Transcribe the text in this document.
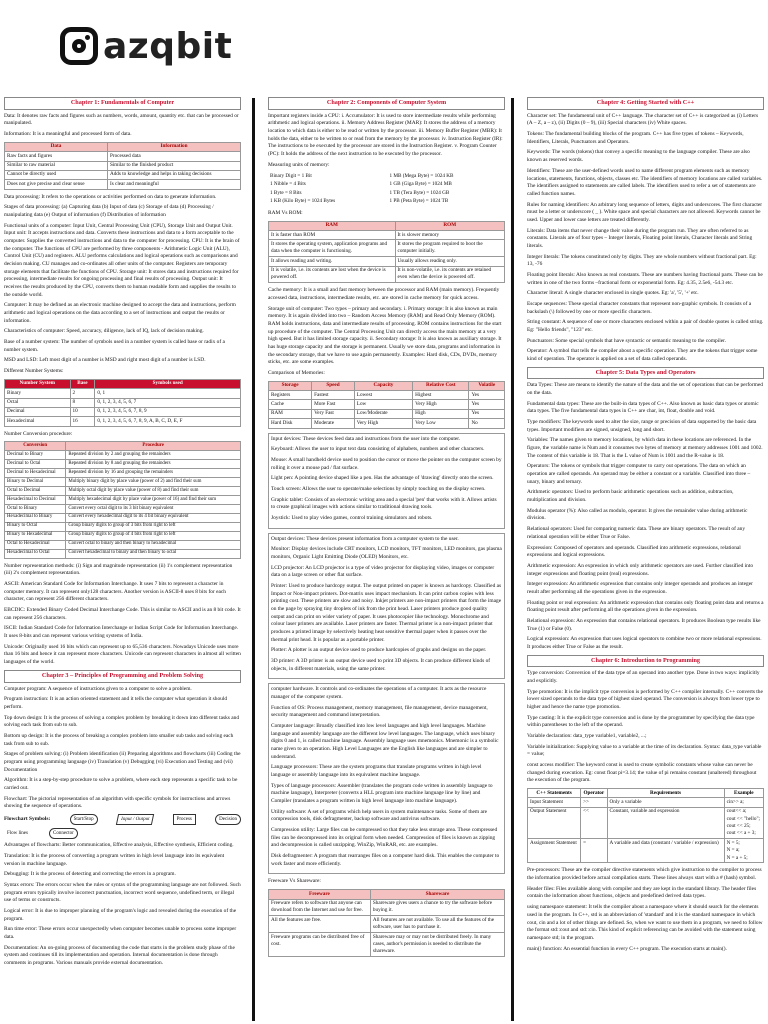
azqbit
Chapter 1: Fundamentals of Computer

Data: It denotes raw facts and figures such as numbers, words, amount, quantity etc. that can be processed or manipulated.

Information: It is a meaningful and processed form of data.

Data	Information
Raw facts and figures	Processed data
Similar to raw material	Similar to the finished product
Cannot be directly used	Adds to knowledge and helps in taking decisions
Does not give precise and clear sense	Is clear and meaningful

Data processing: It refers to the operations or activities performed on data to generate information.

Stages of data processing: (a) Capturing data (b) Input of data (c) Storage of data (d) Processing / manipulating data (e) Output of information (f) Distribution of information

Functional units of a computer: Input Unit, Central Processing Unit (CPU), Storage Unit and Output Unit. Input unit: It accepts instructions and data. Converts these instructions and data to a form acceptable to the computer. Supplies the converted instructions and data to the computer for processing. CPU: It is the brain of the computer. The functions of CPU are performed by three components - Arithmetic Logic Unit (ALU), Control Unit (CU) and registers. ALU performs calculations and logical operations such as comparisons and decision making. CU manages and co-ordinates all other units of the computer. Registers are temporary storage elements that facilitate the functions of CPU. Storage unit: It stores data and instructions required for processing, intermediate results for ongoing processing and final results of processing. Output unit: It receives the results produced by the CPU, converts them to human readable form and supplies the results to the outside world.

Computer: It may be defined as an electronic machine designed to accept the data and instructions, perform arithmetic and logical operations on the data according to a set of instructions and output the results or information.

Characteristics of computer: Speed, accuracy, diligence, lack of IQ, lack of decision making.

Base of a number system: The number of symbols used in a number system is called base or radix of a number system.

MSD and LSD: Left most digit of a number is MSD and right most digit of a number is LSD.

Different Number Systems:

Number System	Base	Symbols used
Binary	2	0, 1
Octal	8	0, 1, 2, 3, 4, 5, 6, 7
Decimal	10	0, 1, 2, 3, 4, 5, 6, 7, 8, 9
Hexadecimal	16	0, 1, 2, 3, 4, 5, 6, 7, 8, 9, A, B, C, D, E, F

Number Conversion procedure:

Conversion	Procedure
Decimal to Binary	Repeated division by 2 and grouping the remainders
Decimal to Octal	Repeated division by 8 and grouping the remainders
Decimal to Hexadecimal	Repeated division by 16 and grouping the remainders
Binary to Decimal	Multiply binary digit by place value (power of 2) and find their sum
Octal to Decimal	Multiply octal digit by place value (power of 8) and find their sum
Hexadecimal to Decimal	Multiply hexadecimal digit by place value (power of 16) and find their sum
Octal to Binary	Convert every octal digit to its 3 bit binary equivalent
Hexadecimal to Binary	Convert every hexadecimal digit to its 4 bit binary equivalent
Binary to Octal	Group binary digits to group of 3 bits from right to left
Binary to Hexadecimal	Group binary digits to group of 4 bits from right to left
Octal to Hexadecimal	Convert octal to binary and then binary to hexadecimal
Hexadecimal to Octal	Convert hexadecimal to binary and then binary to octal

Number representation methods: (i) Sign and magnitude representation (ii) 1's complement representation (iii) 2's complement representation.

ASCII: American Standard Code for Information Interchange. It uses 7 bits to represent a character in computer memory. It can represent only128 characters. Another version is ASCII-8 uses 8 bits for each character, can represent 256 different characters.

EBCDIC: Extended Binary Coded Decimal Interchange Code. This is similar to ASCII and is an 8 bit code. It can represent 256 characters.

ISCII: Indian Standard Code for Information Interchange or Indian Script Code for Information Interchange. It uses 8-bits and can represent various writing systems of India.

Unicode: Originally used 16 bits which can represent up to 65,536 characters. Nowadays Unicode uses more than 16 bits and hence it can represent more characters. Unicode can represent characters in almost all written languages of the world.

Chapter 3 – Principles of Programming and Problem Solving

Computer program: A sequence of instructions given to a computer to solve a problem.

Program instruction: It is an action oriented statement and it tells the computer what operation it should perform.

Top down design: It is the process of solving a complex problem by breaking it down into different tasks and solving each task from sub to sub.

Bottom up design: It is the process of breaking a complex problem into smaller sub tasks and solving each task from sub to sub.

Stages of problem solving: (i) Problem identification (ii) Preparing algorithms and flowcharts (iii) Coding the program using programming language (iv) Translation (v) Debugging (vi) Execution and Testing and (vii) Documentation

Algorithm: It is a step-by-step procedure to solve a problem, where each step represents a specific task to be carried out.

Flowchart: The pictorial representation of an algorithm with specific symbols for instructions and arrows showing the sequence of operations.

Flowchart Symbols:	Start/Stop	Input / Output	Process	Decision
Flow lines	Connector

Advantages of flowcharts: Better communication, Effective analysis, Effective synthesis, Efficient coding.

Translation: It is the process of converting a program written in high level language into its equivalent version in machine language.

Debugging: It is the process of detecting and correcting the errors in a program.

Syntax errors: The errors occur when the rules or syntax of the programming language are not followed. Such program errors typically involve incorrect punctuation, incorrect word sequence, undefined term, or illegal use of terms or constructs.

Logical error: It is due to improper planning of the program's logic and revealed during the execution of the program.

Run time error: These errors occur unexpectedly when computer becomes unable to process some improper data.

Documentation: An on-going process of documenting the code that starts in the problem study phase of the system and continues till its implementation and operation. Internal documentation is done through comments in programs. Various manuals provide external documentation.

Chapter 2: Components of Computer System

Important registers inside a CPU: i. Accumulator: It is used to store intermediate results while performing arithmetic and logical operations. ii. Memory Address Register (MAR): It stores the address of a memory location to which data is either to be read or written by the processor. iii. Memory Buffer Register (MBR): It holds the data, either to be written to or read from the memory by the processor. iv. Instruction Register (IR): The instructions to be executed by the processor are stored in the Instruction Register. v. Program Counter (PC): It holds the address of the next instruction to be executed by the processor.

Measuring units of memory:

Binary Digit = 1 Bit	1 MB (Mega Byte) = 1024 KB
1 Nibble = 4 Bits	1 GB (Giga Byte) = 1024 MB
1 Byte = 8 Bits	1 TB (Tera Byte) = 1024 GB
1 KB (Kilo Byte) = 1024 Bytes	1 PB (Peta Byte) = 1024 TB

RAM Vs ROM:

RAM	ROM
It is faster than ROM	It is slower memory
It stores the operating system, application programs and data when the computer is functioning.	It stores the program required to boot the computer initially.
It allows reading and writing.	Usually allows reading only.
It is volatile, i.e. its contents are lost when the device is powered off.	It is non-volatile, i.e. its contents are retained even when the device is powered off.

Cache memory: It is a small and fast memory between the processor and RAM (main memory). Frequently accessed data, instructions, intermediate results, etc. are stored in cache memory for quick access.

Storage unit of computer: Two types – primary and secondary. i. Primary storage: It is also known as main memory. It is again divided into two – Random Access Memory (RAM) and Read Only Memory (ROM). RAM holds instructions, data and intermediate results of processing. ROM contains instructions for the start up procedure of the computer. The Central Processing Unit can directly access the main memory at a very high speed. But it has limited storage capacity. ii. Secondary storage: It is also known as auxiliary storage. It has huge storage capacity and the storage is permanent. Usually we store data, programs and information in the secondary storage, that we have to use again permanently. Examples: Hard disk, CDs, DVDs, memory sticks, etc. are some examples.

Comparison of Memories:

Storage	Speed	Capacity	Relative Cost	Volatile
Registers	Fastest	Lowest	Highest	Yes
Cache	More Fast	Low	Very High	Yes
RAM	Very Fast	Low/Moderate	High	Yes
Hard Disk	Moderate	Very High	Very Low	No

Input devices: These devices feed data and instructions from the user into the computer.

Keyboard: Allows the user to input text data consisting of alphabets, numbers and other characters.

Mouse: A small handheld device used to position the cursor or move the pointer on the computer screen by rolling it over a mouse pad / flat surface.

Light pen: A pointing device shaped like a pen. Has the advantage of 'drawing' directly onto the screen.

Touch screen: Allows the user to operate/make selections by simply touching on the display screen.

Graphic tablet: Consists of an electronic writing area and a special 'pen' that works with it. Allows artists to create graphical images with actions similar to traditional drawing tools.

Joystick: Used to play video games, control training simulators and robots.

Output devices: These devices present information from a computer system to the user.

Monitor: Display devices include CRT monitors, LCD monitors, TFT monitors, LED monitors, gas plasma monitors, Organic Light Emitting Diode (OLED) Monitors, etc.

LCD projector: An LCD projector is a type of video projector for displaying video, images or computer data on a large screen or other flat surface.

Printer: Used to produce hardcopy output. The output printed on paper is known as hardcopy. Classified as Impact or Non-impact printers. Dot-matrix uses impact mechanism. It can print carbon copies with less printing cost. These printers are slow and noisy. Inkjet printers are non-impact printers that form the image on the page by spraying tiny droplets of ink from the print head. Laser printers produce good quality output and can print on wider variety of paper. It uses photocopier like technology. Monochrome and colour laser printers are available. Laser printers are faster. Thermal printer is a non-impact printer that produces a printed image by selectively heating heat sensitive thermal paper when it passes over the thermal print head. It is popular as a portable printer.

Plotter: A plotter is an output device used to produce hardcopies of graphs and designs on the paper.

3D printer: A 3D printer is an output device used to print 3D objects. It can produce different kinds of objects, in different materials, using the same printer.

computer hardware. It controls and co-ordinates the operations of a computer. It acts as the resource manager of the computer system.

Function of OS: Process management, memory management, file management, device management, security management and command interpretation.

Computer language: Broadly classified into low level languages and high level languages. Machine language and assembly language are the different low level languages. The language, which uses binary digits 0 and 1, is called machine language. Assembly language uses mnemonics. Mnemonic is a symbolic name given to an operation. High Level Languages are the English like languages and are simpler to understand.

Language processors: These are the system programs that translate programs written in high level language or assembly language into its equivalent machine language.

Types of language processors: Assembler (translates the program code written in assembly language to machine language), Interpreter (converts a HLL program into machine language line by line) and Compiler (translates a program written in high level language into machine language).

Utility software: A set of programs which help users in system maintenance tasks. Some of them are compression tools, disk defragmenter, backup software and antivirus software.

Compression utility: Large files can be compressed so that they take less storage area. These compressed files can be decompressed into its original form when needed. Compression of files is known as zipping and decompression is called unzipping. WinZip, WinRAR, etc. are examples.

Disk defragmenter: A program that rearranges files on a computer hard disk. This enables the computer to work faster and more efficiently.

Freeware Vs Shareware:

Freeware	Shareware
Freeware refers to software that anyone can download from the Internet and use for free.	Shareware gives users a chance to try the software before buying it.
All the features are free.	All features are not available. To use all the features of the software, user has to purchase it.
Freeware programs can be distributed free of cost.	Shareware may or may not be distributed freely. In many cases, author's permission is needed to distribute the shareware.
Chapter 4: Getting Started with C++

Character set: The fundamental unit of C++ language. The character set of C++ is categorized as (i) Letters (A – Z, a – z), (ii) Digits (0 – 9), (iii) Special characters (iv) White spaces.

Tokens: The fundamental building blocks of the program. C++ has five types of tokens – Keywords, Identifiers, Literals, Punctuators and Operators.

Keywords: The words (tokens) that convey a specific meaning to the language compiler. These are also known as reserved words.

Identifiers: These are the user-defined words used to name different program elements such as memory locations, statements, functions, objects, classes etc. The identifiers of memory locations are called variables. The identifiers assigned to statements are called labels. The identifiers used to refer a set of statements are called function names.

Rules for naming identifiers: An arbitrary long sequence of letters, digits and underscores. The first character must be a letter or underscore ( _ ). White space and special characters are not allowed. Keywords cannot be used. Upper and lower case letters are treated differently.

Literals: Data items that never change their value during the program run. They are often referred to as constants. Literals are of four types – Integer literals, Floating point literals, Character literals and String literals.

Integer literals: The tokens constituted only by digits. They are whole numbers without fractional part. Eg: 13, -76

Floating point literals: Also known as real constants. These are numbers having fractional parts. These can be written in one of the two forms –fractional form or exponential form. Eg: 4.35, 2.5e6, -54.3 etc.

Character literal: A single character enclosed in single quotes. Eg: 'a', '5', '+' etc.

Escape sequences: These special character constants that represent non-graphic symbols. It consists of a backslash (\) followed by one or more specific characters.

String constant: A sequence of one or more characters enclosed within a pair of double quotes is called string. Eg: "Hello friends", "123" etc.

Punctuators: Some special symbols that have syntactic or semantic meaning to the compiler.

Operator: A symbol that tells the compiler about a specific operation. They are the tokens that trigger some kind of operation. The operator is applied on a set of data called operands.

Chapter 5: Data Types and Operators

Data Types: These are means to identify the nature of the data and the set of operations that can be performed on the data.

Fundamental data types: These are the built-in data types of C++. Also known as basic data types or atomic data types. The five fundamental data types in C++ are char, int, float, double and void.

Type modifiers: The keywords used to alter the size, range or precision of data supported by the basic data types. Important modifiers are signed, unsigned, long and short.

Variables: The names given to memory locations, by which data in these locations are referenced. In the figure, the variable name is Num and it consumes two bytes of memory at memory addresses 1001 and 1002. The content of this variable is 18. That is the L value of Num is 1001 and the R-value is 18.

Operators: The tokens or symbols that trigger computer to carry out operations. The data on which an operation are called operands. An operand may be either a constant or a variable. Classified into three – unary, binary and ternary.

Arithmetic operators: Used to perform basic arithmetic operations such as addition, subtraction, multiplication and division.

Modulus operator (%): Also called as modulo, operator. It gives the remainder value during arithmetic division.

Relational operators: Used for comparing numeric data. These are binary operators. The result of any relational operation will be either True or False.

Expression: Composed of operators and operands. Classified into arithmetic expressions, relational expressions and logical expressions.

Arithmetic expression: An expression in which only arithmetic operators are used. Further classified into integer expressions and floating point (real) expressions.

Integer expression: An arithmetic expression that contains only integer operands and produces an integer result after performing all the operations given in the expression.

Floating point or real expression: An arithmetic expression that contains only floating point data and returns a floating point result after performing all the operations given in the expression.

Relational expression: An expression that contains relational operators. It produces Boolean type results like True (1) or False (0).

Logical expression: An expression that uses logical operators to combine two or more relational expressions. It produces either True or False as the result.

Chapter 6: Introduction to Programming

Type conversion: Conversion of the data type of an operand into another type. Done in two ways: implicitly and explicitly.

Type promotion: It is the implicit type conversion is performed by C++ compiler internally. C++ converts the lower sized operands to the data type of highest sized operand. The conversion is always from lower type to higher and hence the name type promotion.

Type casting: It is the explicit type conversion and is done by the programmer by specifying the data type within parentheses to the left of the operand.

Variable declaration: data_type variable1, variable2, ...;

Variable initialization: Supplying value to a variable at the time of its declaration. Syntax: data_type variable = value;

const access modifier: The keyword const is used to create symbolic constants whose value can never be changed during execution. Eg: const float pi=3.14; the value of pi remains constant (unaltered) throughout the execution of the program.

C++ Statements	Operator	Requirements	Example
Input Statement	>>	Only a variable	cin>> a;
Output Statement	<<	Constant, variable and expression	cout<< a;
cout << "hello";
cout << 25;
cout << a + 3;
Assignment Statement	=	A variable and data (constant / variable / expression)	N = 5;
N = a;
N = a + 5;

Pre-processors: These are the compiler directive statements which give instruction to the compiler to process the information provided before actual compilation starts. These lines always start with a # (hash) symbol.

Header files: Files available along with compiler and they are kept in the standard library. The header files contain the information about functions, objects and predefined derived data types.

using namespace statement: It tells the compiler about a namespace where it should search for the elements used in the program. In C++, std is an abbreviation of 'standard' and it is the standard namespace in which cout, cin and a lot of other things are defined. So, when we want to use them in a program, we need to follow the format std::cout and std::cin. This kind of explicit referencing can be avoided with the statement using namespace std; in the program.

main() function: An essential function in every C++ program. The execution starts at main().
